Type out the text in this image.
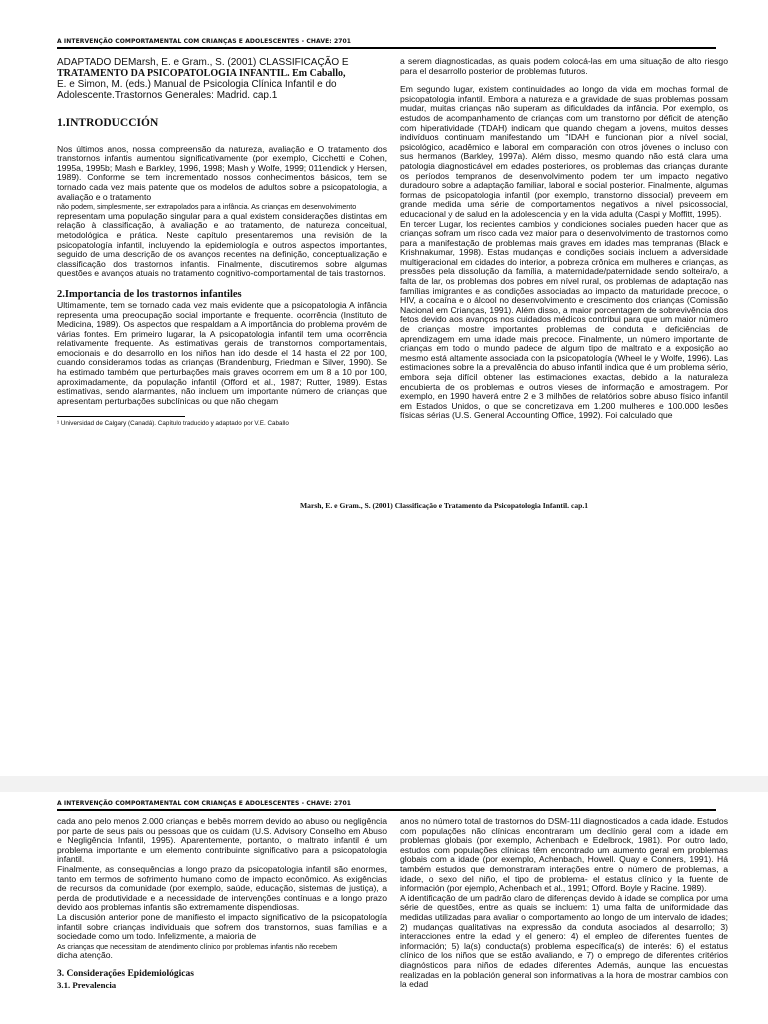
A INTERVENÇÃO COMPORTAMENTAL COM CRIANÇAS E ADOLESCENTES - CHAVE: 2701
ADAPTADO DEMarsh, E. e Gram., S. (2001) CLASSIFICAÇÃO E
TRATAMENTO DA PSICOPATOLOGIA INFANTIL. Em Caballo,
E. e Simon, M. (eds.) Manual de Psicologia Clínica Infantil e do
Adolescente.Trastornos Generales: Madrid. cap.1
1.INTRODUCCIÓN

Nos últimos anos, nossa compreensão da natureza, avaliação e O tratamento dos transtornos infantis aumentou significativamente (por exemplo, Cicchetti e Cohen, 1995a, 1995b; Mash e Barkley, 1996, 1998; Mash y Wolfe, 1999; 011endick y Hersen, 1989). Conforme se tem incrementado nossos conhecimentos básicos, tem se tornado cada vez mais patente que os modelos de adultos sobre a psicopatologia, a avaliação e o tratamento

não podem, simplesmente, ser extrapolados para a infância. As crianças em desenvolvimento

representam uma população singular para a qual existem considerações distintas em relação à classificação, à avaliação e ao tratamento, de natureza conceitual, metodológica e prática. Neste capítulo presentaremos una revisión de la psicopatología infantil, incluyendo la epidemiología e outros aspectos importantes, seguido de uma descrição de os avanços recentes na definição, conceptualização e classificação dos trastornos infantis. Finalmente, discutiremos sobre algumas questões e avanços atuais no tratamento cognitivo-comportamental de tais trastornos.

2.Importancia de los trastornos infantiles

Ultimamente, tem se tornado cada vez mais evidente que a psicopatologia A infância representa uma preocupação social importante e frequente. ocorrência (Instituto de Medicina, 1989). Os aspectos que respaldam a A importância do problema provém de várias fontes. Em primeiro lugarar, la A psicopatologia infantil tem uma ocorrência relativamente frequente. As estimativas gerais de transtornos comportamentais, emocionais e do desarrollo en los niños han ido desde el 14 hasta el 22 por 100, cuando consideramos todas as crianças (Brandenburg, Friedman e Silver, 1990). Se ha estimado também que perturbações mais graves ocorrem em um 8 a 10 por 100, aproximadamente, da população infantil (Offord et al., 1987; Rutter, 1989). Estas estimativas, sendo alarmantes, não incluem um importante número de crianças que apresentam perturbações subclínicas ou que não chegam

¹ Universidad de Calgary (Canadá). Capítulo traducido y adaptado por V.E. Caballo

a serem diagnosticadas, as quais podem colocá-las em uma situação de alto riesgo para el desarrollo posterior de problemas futuros.

Em segundo lugar, existem continuidades ao longo da vida em mochas formal de psicopatologia infantil. Embora a natureza e a gravidade de suas problemas possam mudar, muitas crianças não superam as dificuldades da infância. Por exemplo, os estudos de acompanhamento de crianças com um transtorno por déficit de atenção com hiperatividade (TDAH) indicam que quando chegam a jovens, muitos desses indivíduos continuam manifestando um "IDAH e funcionan pior a nível social, psicológico, acadêmico e laboral em comparación con otros jóvenes o incluso con sus hermanos (Barkley, 1997a). Além disso, mesmo quando não está clara uma patologia diagnosticável em edades posteriores, os problemas das crianças durante os períodos tempranos de desenvolvimento podem ter um impacto negativo duradouro sobre a adaptação familiar, laboral e social posterior. Finalmente, algumas formas de psicopatologia infantil (por exemplo, transtorno dissocial) preveem em grande medida uma série de comportamentos negativos a nivel psicossocial, educacional y de salud en la adolescencia y en la vida adulta (Caspi y Moffitt, 1995).

En tercer Lugar, los recientes cambios y condiciones sociales pueden hacer que as crianças sofram um risco cada vez maior para o desenvolvimento de trastornos como para a manifestação de problemas mais graves em idades mas tempranas (Black e Krishnakumar, 1998). Estas mudanças e condições sociais incluem a adversidade multigeracional em cidades do interior, a pobreza crônica em mulheres e crianças, as pressões pela dissolução da família, a maternidade/paternidade sendo solteira/o, a falta de lar, os problemas dos pobres em nível rural, os problemas de adaptação nas famílias imigrantes e as condições associadas ao impacto da maturidade precoce, o HIV, a cocaína e o álcool no desenvolvimento e crescimento dos crianças (Comissão Nacional em Crianças, 1991). Além disso, a maior porcentagem de sobrevivência dos fetos devido aos avanços nos cuidados médicos contribui para que um maior número de crianças mostre importantes problemas de conduta e deficiências de aprendizagem em uma idade mais precoce. Finalmente, un número importante de crianças em todo o mundo padece de algum tipo de maltrato e a exposição ao mesmo está altamente associada con la psicopatología (Wheel le y Wolfe, 1996). Las estimaciones sobre la a prevalência do abuso infantil indica que é um problema sério, embora seja difícil obtener las estimaciones exactas, debido a la naturaleza encubierta de os problemas e outros vieses de informação e amostragem. Por exemplo, en 1990 haverá entre 2 e 3 milhões de relatórios sobre abuso físico infantil em Estados Unidos, o que se concretizava em 1.200 mulheres e 100.000 lesões físicas sérias (U.S. General Accounting Office, 1992). Foi calculado que

Marsh, E. e Gram., S. (2001) Classificação e Tratamento da Psicopatologia Infantil. cap.1
A INTERVENÇÃO COMPORTAMENTAL COM CRIANÇAS E ADOLESCENTES - CHAVE: 2701

cada ano pelo menos 2.000 crianças e bebês morrem devido ao abuso ou negligência por parte de seus pais ou pessoas que os cuidam (U.S. Advisory Conselho em Abuso e Negligência Infantil, 1995). Aparentemente, portanto, o maltrato infantil é um problema importante e um elemento contribuinte significativo para a psicopatologia infantil.

Finalmente, as consequências a longo prazo da psicopatologia infantil são enormes, tanto em termos de sofrimento humano como de impacto econômico. As exigências de recursos da comunidade (por exemplo, saúde, educação, sistemas de justiça), a perda de produtividade e a necessidade de intervenções contínuas e a longo prazo devido aos problemas infantis são extremamente dispendiosas.

La discusión anterior pone de manifiesto el impacto significativo de la psicopatología infantil sobre crianças individuais que sofrem dos transtornos, suas famílias e a sociedade como um todo. Infelizmente, a maioria de

As crianças que necessitam de atendimento clínico por problemas infantis não recebem

dicha atenção.

3. Considerações Epidemiológicas
3.1. Prevalencia

anos no número total de trastornos do DSM-11l diagnosticados a cada idade. Estudos com populações não clínicas encontraram um declínio geral com a idade em problemas globais (por exemplo, Achenbach e Edelbrock, 1981). Por outro lado, estudos com populações clínicas têm encontrado um aumento geral em problemas globais com a idade (por exemplo, Achenbach, Howell. Quay e Conners, 1991). Há também estudos que demonstraram interações entre o número de problemas, a idade, o sexo del niño, el tipo de problema- el estatus clínico y la fuente de información (por ejemplo, Achenbach et al., 1991; Offord. Boyle y Racine. 1989).

A identificação de um padrão claro de diferenças devido à idade se complica por uma série de questões, entre as quais se incluem: 1) uma falta de uniformidade das medidas utilizadas para avaliar o comportamento ao longo de um intervalo de idades; 2) mudanças qualitativas na expressão da conduta asociados al desarrollo; 3) interacciones entre la edad y el genero: 4) el empleo de diferentes fuentes de información; 5) la(s) conducta(s) problema específica(s) de interés: 6) el estatus clínico de los niños que se estão avaliando, e 7) o emprego de diferentes critérios diagnósticos para niños de edades diferentes Además, aunque las encuestas realizadas en la población general son informativas a la hora de mostrar cambios con la edad
